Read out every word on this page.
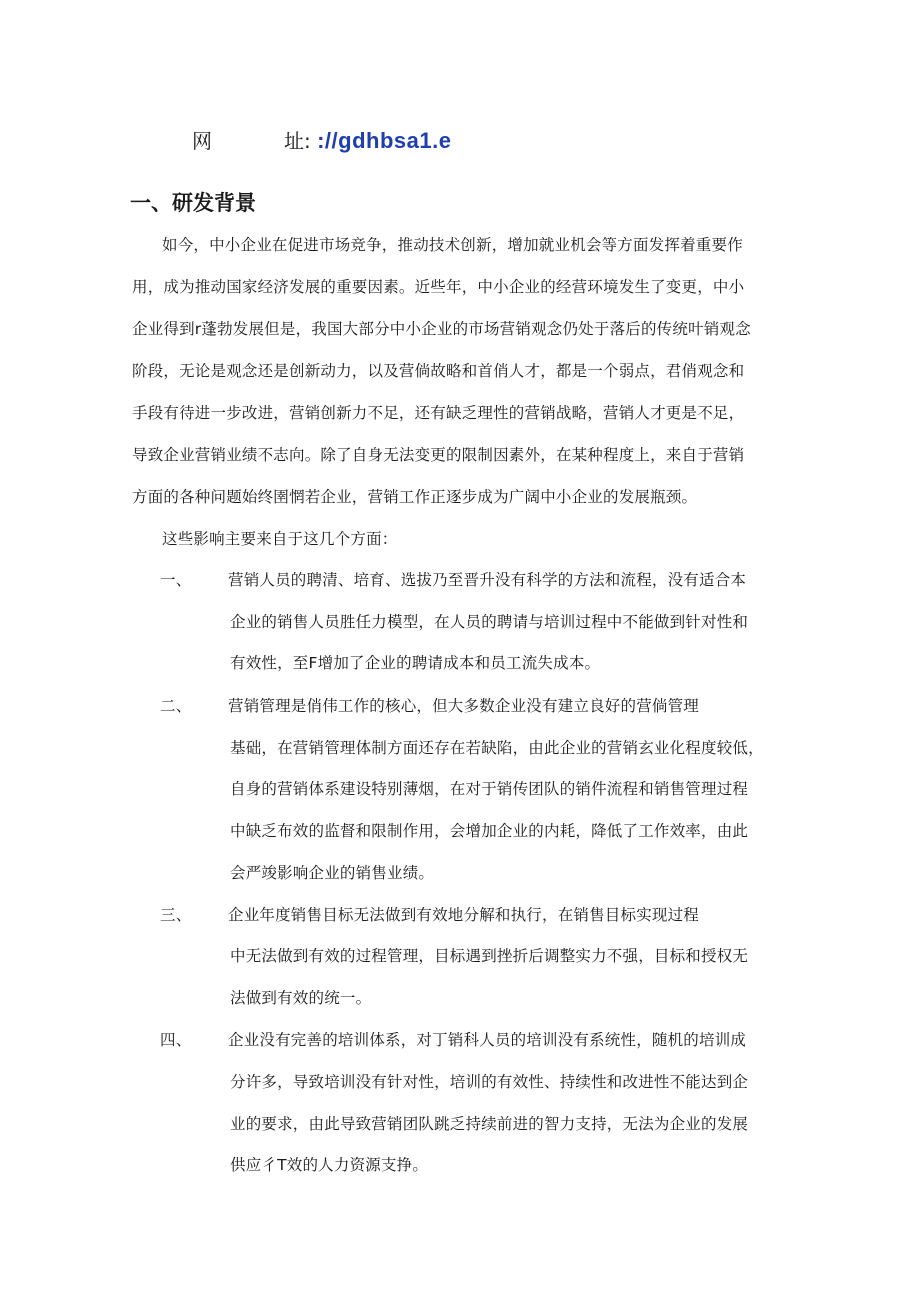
网	址: ://gdhbsa1.e
一、研发背景
如今，中小企业在促进市场竞争，推动技术创新，增加就业机会等方面发挥着重要作
用，成为推动国家经济发展的重要因素。近些年，中小企业的经营环境发生了变更，中小
企业得到r蓬勃发展但是，我国大部分中小企业的市场营销观念仍处于落后的传统叶销观念
阶段，无论是观念还是创新动力，以及营倘故略和首俏人才，都是一个弱点，君俏观念和
手段有待进一步改进，营销创新力不足，还有缺乏理性的营销战略，营销人才更是不足，
导致企业营销业绩不志向。除了自身无法变更的限制因素外，在某种程度上，来自于营销
方面的各种问题始终圉惘若企业，营销工作正逐步成为广阔中小企业的发展瓶颈。
这些影响主要来自于这几个方面：
一、 营销人员的聘清、培育、选拔乃至晋升没有科学的方法和流程，没有适合本
企业的销售人员胜任力模型，在人员的聘请与培训过程中不能做到针对性和
有效性，至F增加了企业的聘请成本和员工流失成本。
二、 营销管理是俏伟工作的核心，但大多数企业没有建立良好的营倘管理
基础，在营销管理体制方面还存在若缺陷，由此企业的营销玄业化程度较低，
自身的营销体系建设特别薄烟，在对于销传团队的销件流程和销售管理过程
中缺乏布效的监督和限制作用，会增加企业的内耗，降低了工作效率，由此
会严竣影响企业的销售业绩。
三、 企业年度销售目标无法做到有效地分解和执行，在销售目标实现过程
中无法做到有效的过程管理，目标遇到挫折后调整实力不强，目标和授权无
法做到有效的统一。
四、 企业没有完善的培训体系，对丁销科人员的培训没有系统性，随机的培训成
分许多，导致培训没有针对性，培训的有效性、持续性和改进性不能达到企
业的要求，由此导致营销团队跳乏持续前进的智力支持，无法为企业的发展
供应彳T效的人力资源支挣。
